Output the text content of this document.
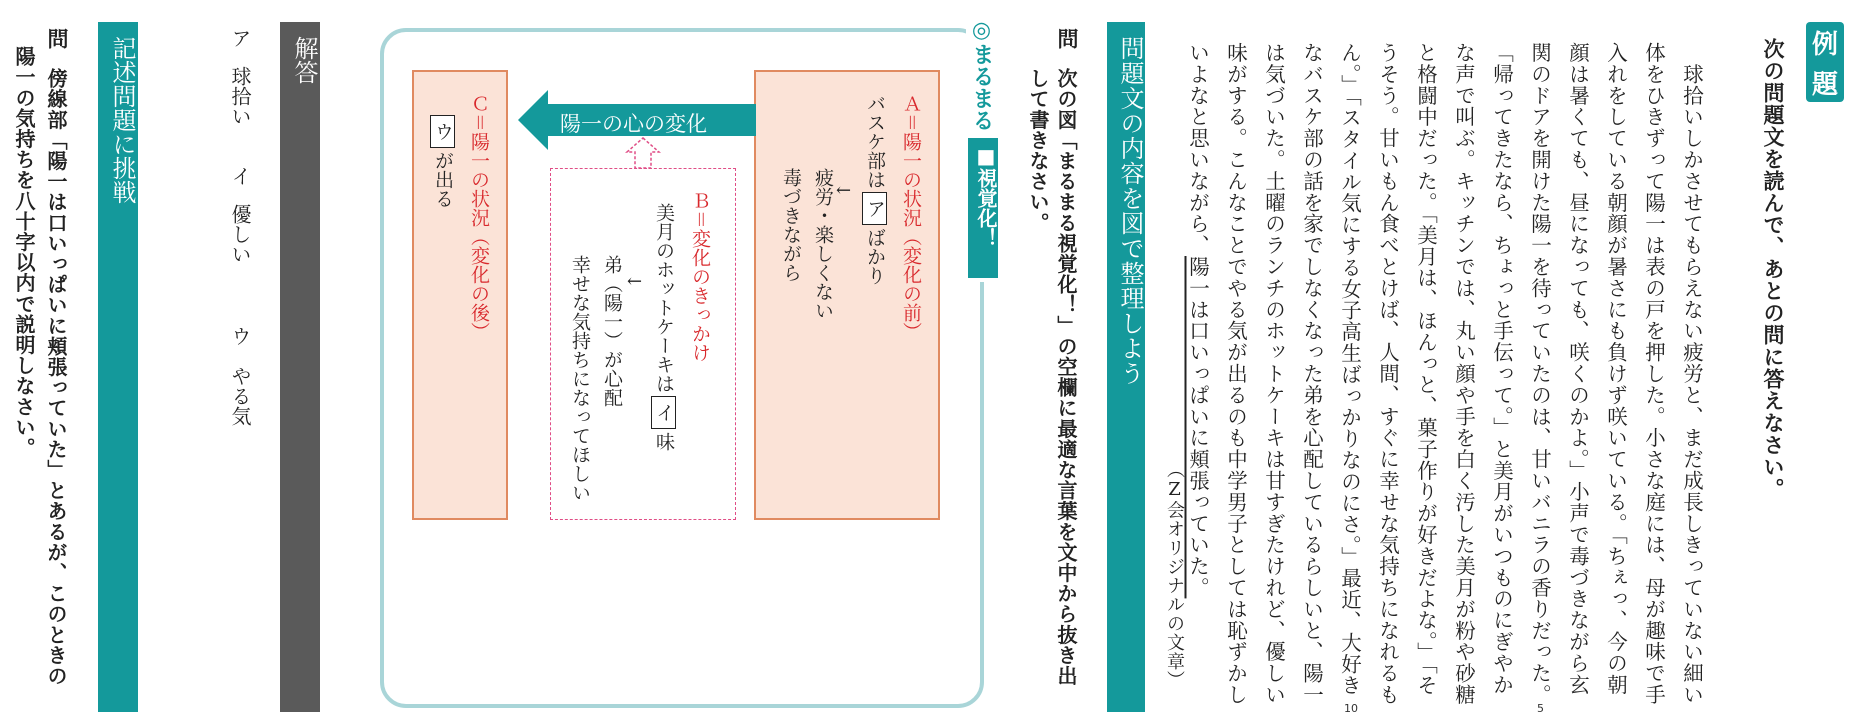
例
題
次の問題文を読んで、あとの問に答えなさい。
　球拾いしかさせてもらえない疲労と、まだ成長しきっていない細い
体をひきずって陽一は表の戸を押した。小さな庭には、母が趣味で手
入れをしている朝顔が暑さにも負けず咲いている。「ちぇっ、今の朝
顔は暑くても、昼になっても、咲くのかよ。」小声で毒づきながら玄
関のドアを開けた陽一を待っていたのは、甘いバニラの香りだった。
「帰ってきたなら、ちょっと手伝って。」と美月がいつものにぎやか
な声で叫ぶ。キッチンでは、丸い顔や手を白く汚した美月が粉や砂糖
と格闘中だった。「美月は、ほんっと、菓子作りが好きだよな。」「そ
うそう。甘いもん食べとけば、人間、すぐに幸せな気持ちになれるも
ん。」「スタイル気にする女子高生ばっかりなのにさ。」最近、大好き
なバスケ部の話を家でしなくなった弟を心配しているらしいと、陽一
は気づいた。土曜のランチのホットケーキは甘すぎたけれど、優しい
味がする。こんなことでやる気が出るのも中学男子としては恥ずかし
いよなと思いながら、陽一は口いっぱいに頬張っていた。
5
10
（Z会オリジナルの文章）
問題文の内容を図で整理しよう
問
次の図「まるまる視覚化！」の空欄に最適な言葉を文中から抜き出
して書きなさい。
◎まるまる
■視覚化！
Ａ＝陽一の状況（変化の前）
バスケ部はアばかり
←
疲労・楽しくない
毒づきながら
Ｂ＝変化のきっかけ
美月のホットケーキはイ味
←
弟（陽一）が心配
幸せな気持ちになってほしい
陽一の心の変化
Ｃ＝陽一の状況（変化の後）
ウが出る
解答
ア
球拾い
イ
優しい
ウ
やる気
記述問題に挑戦
問
傍線部「陽一は口いっぱいに頬張っていた」とあるが、このときの
陽一の気持ちを八十字以内で説明しなさい。
